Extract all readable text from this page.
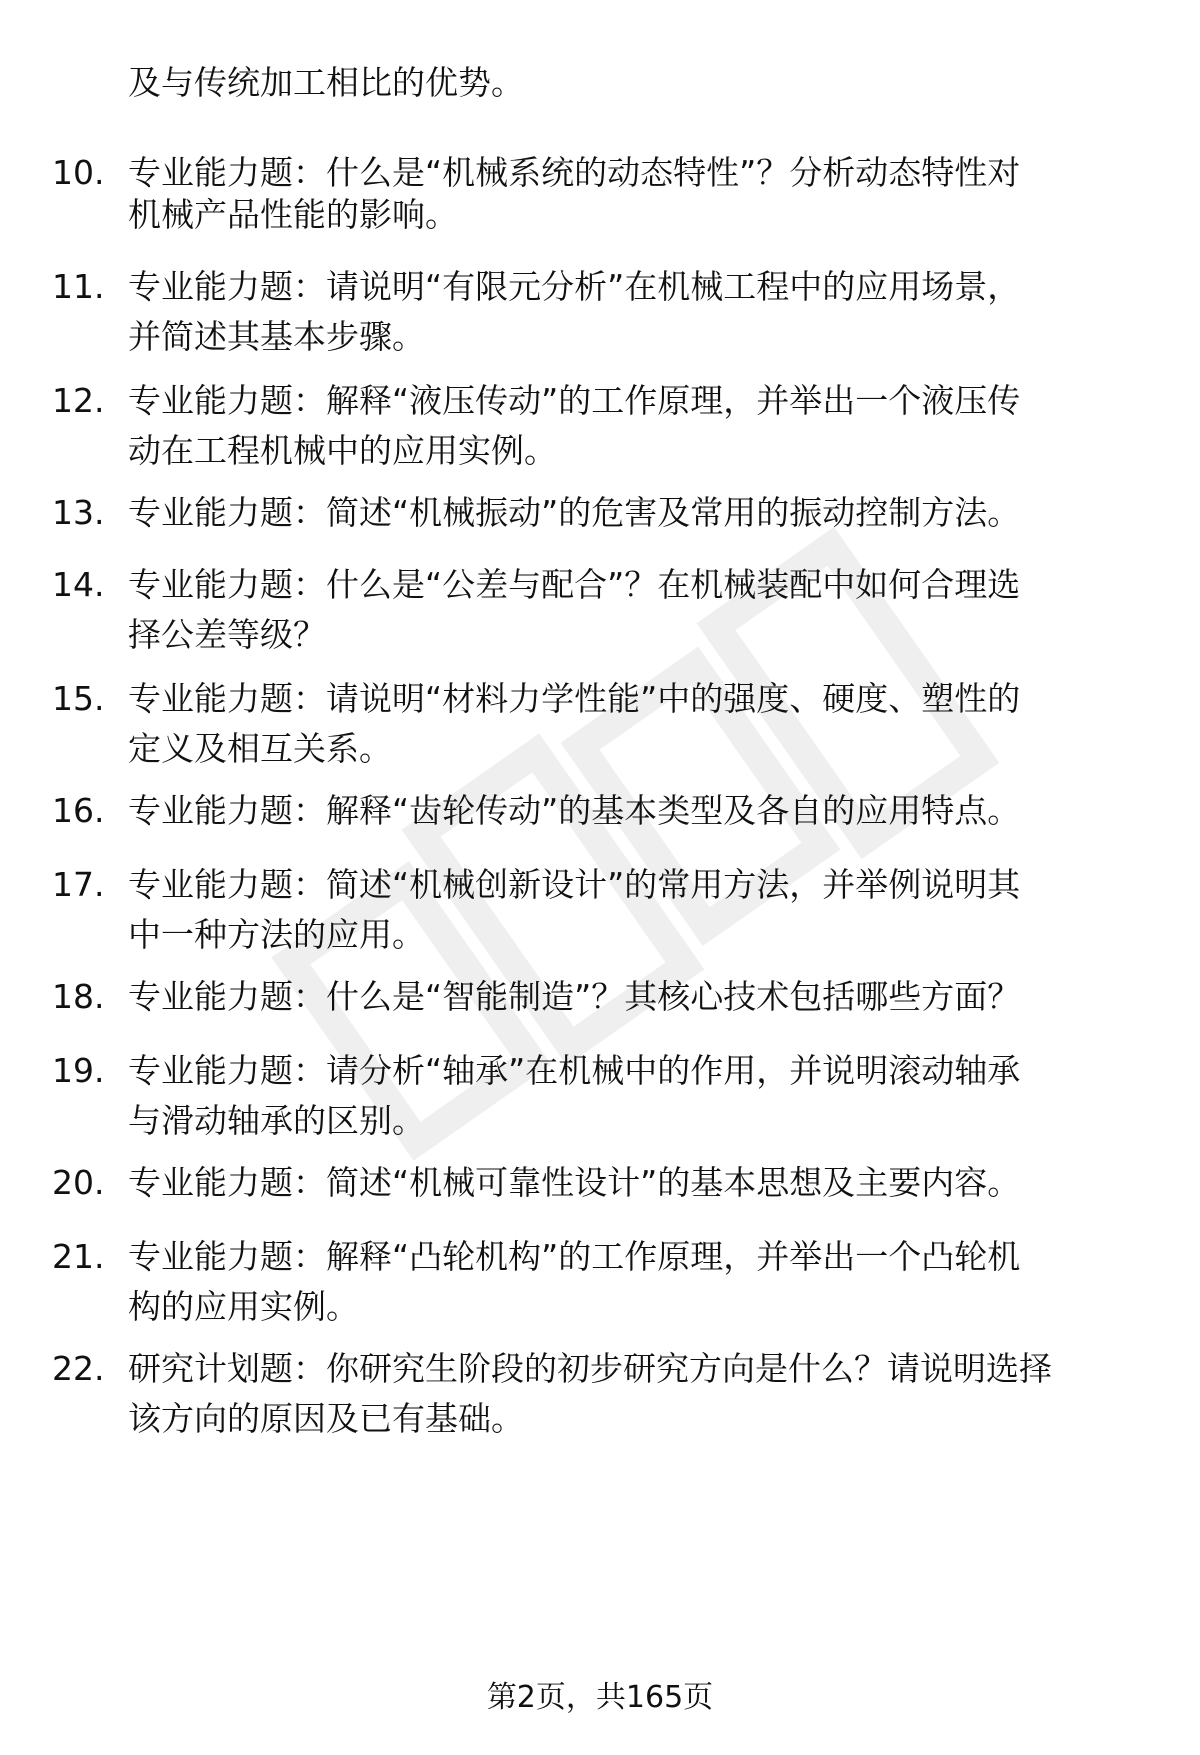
及与传统加工相比的优势。
10. 专业能力题：什么是“机械系统的动态特性”？分析动态特性对
机械产品性能的影响。
11. 专业能力题：请说明“有限元分析”在机械工程中的应用场景，
并简述其基本步骤。
12. 专业能力题：解释“液压传动”的工作原理，并举出一个液压传
动在工程机械中的应用实例。
13. 专业能力题：简述“机械振动”的危害及常用的振动控制方法。
14. 专业能力题：什么是“公差与配合”？在机械装配中如何合理选
择公差等级？
15. 专业能力题：请说明“材料力学性能”中的强度、硬度、塑性的
定义及相互关系。
16. 专业能力题：解释“齿轮传动”的基本类型及各自的应用特点。
17. 专业能力题：简述“机械创新设计”的常用方法，并举例说明其
中一种方法的应用。
18. 专业能力题：什么是“智能制造”？其核心技术包括哪些方面？
19. 专业能力题：请分析“轴承”在机械中的作用，并说明滚动轴承
与滑动轴承的区别。
20. 专业能力题：简述“机械可靠性设计”的基本思想及主要内容。
21. 专业能力题：解释“凸轮机构”的工作原理，并举出一个凸轮机
构的应用实例。
22. 研究计划题：你研究生阶段的初步研究方向是什么？请说明选择
该方向的原因及已有基础。
第2页，共165页
